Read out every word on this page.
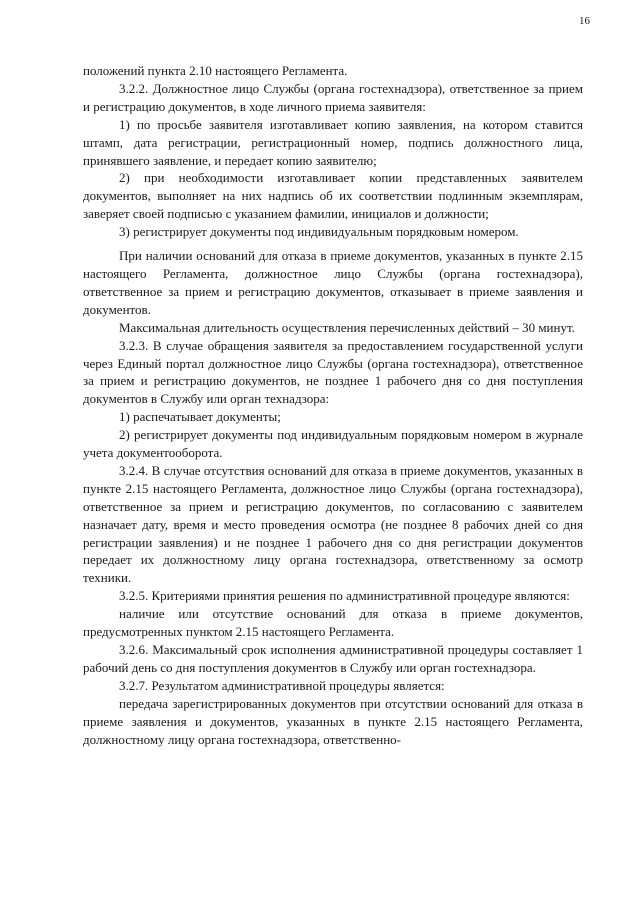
16

положений пункта 2.10 настоящего Регламента.

3.2.2. Должностное лицо Службы (органа гостехнадзора), ответственное за прием и регистрацию документов, в ходе личного приема заявителя:

1) по просьбе заявителя изготавливает копию заявления, на котором ставится штамп, дата регистрации, регистрационный номер, подпись должностного лица, принявшего заявление, и передает копию заявителю;

2) при необходимости изготавливает копии представленных заявителем документов, выполняет на них надпись об их соответствии подлинным экземплярам, заверяет своей подписью с указанием фамилии, инициалов и должности;

3) регистрирует документы под индивидуальным порядковым номером.

При наличии оснований для отказа в приеме документов, указанных в пункте 2.15 настоящего Регламента, должностное лицо Службы (органа гостехнадзора), ответственное за прием и регистрацию документов, отказывает в приеме заявления и документов.

Максимальная длительность осуществления перечисленных действий – 30 минут.

3.2.3. В случае обращения заявителя за предоставлением государственной услуги через Единый портал должностное лицо Службы (органа гостехнадзора), ответственное за прием и регистрацию документов, не позднее 1 рабочего дня со дня поступления документов в Службу или орган технадзора:

1) распечатывает документы;

2) регистрирует документы под индивидуальным порядковым номером в журнале учета документооборота.

3.2.4. В случае отсутствия оснований для отказа в приеме документов, указанных в пункте 2.15 настоящего Регламента, должностное лицо Службы (органа гостехнадзора), ответственное за прием и регистрацию документов, по согласованию с заявителем назначает дату, время и место проведения осмотра (не позднее 8 рабочих дней со дня регистрации заявления) и не позднее 1 рабочего дня со дня регистрации документов передает их должностному лицу органа гостехнадзора, ответственному за осмотр техники.

3.2.5. Критериями принятия решения по административной процедуре являются:

наличие или отсутствие оснований для отказа в приеме документов, предусмотренных пунктом 2.15 настоящего Регламента.

3.2.6. Максимальный срок исполнения административной процедуры составляет 1 рабочий день со дня поступления документов в Службу или орган гостехнадзора.

3.2.7. Результатом административной процедуры является:

передача зарегистрированных документов при отсутствии оснований для отказа в приеме заявления и документов, указанных в пункте 2.15 настоящего Регламента, должностному лицу органа гостехнадзора, ответственно-
